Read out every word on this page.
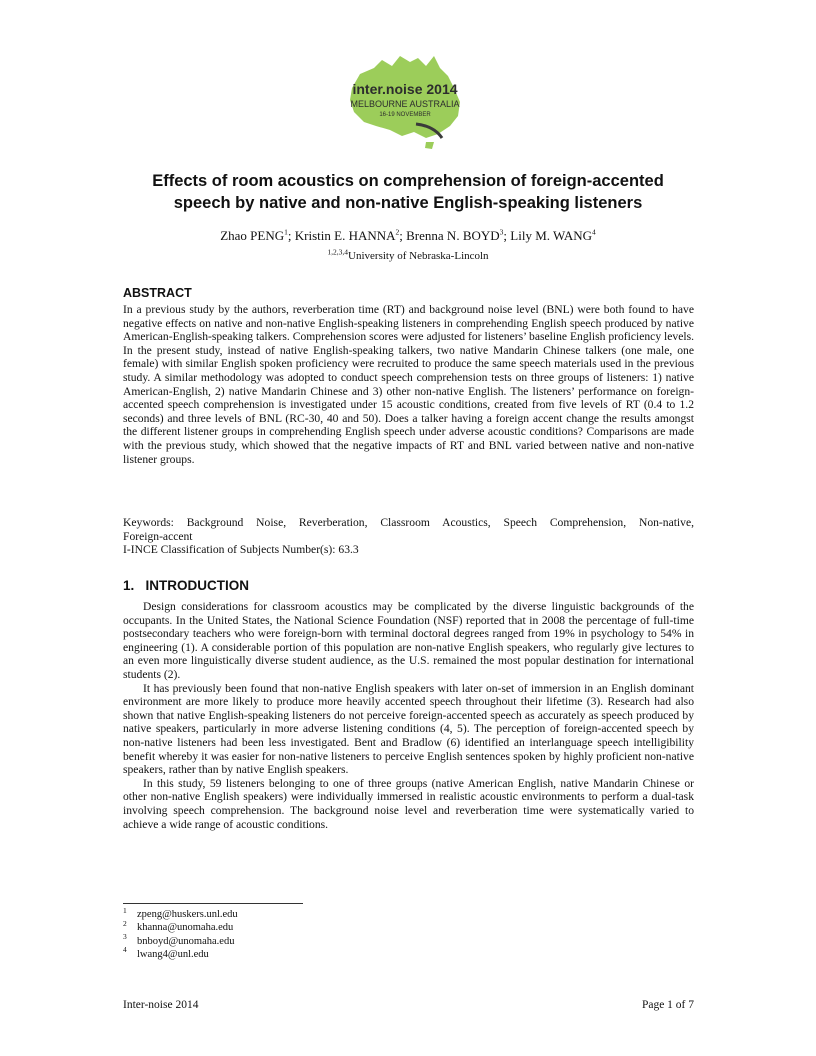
inter.noise 2014
MELBOURNE AUSTRALIA
16-19 NOVEMBER
Effects of room acoustics on comprehension of foreign-accented
speech by native and non-native English-speaking listeners
Zhao PENG$^1$; Kristin E. HANNA$^2$; Brenna N. BOYD$^3$; Lily M. WANG$^4$
$^{1,2,3,4}$University of Nebraska-Lincoln
ABSTRACT
In a previous study by the authors, reverberation time (RT) and background noise level (BNL) were both found to have negative effects on native and non-native English-speaking listeners in comprehending English speech produced by native American-English-speaking talkers. Comprehension scores were adjusted for listeners’ baseline English proficiency levels. In the present study, instead of native English-speaking talkers, two native Mandarin Chinese talkers (one male, one female) with similar English spoken proficiency were recruited to produce the same speech materials used in the previous study. A similar methodology was adopted to conduct speech comprehension tests on three groups of listeners: 1) native American-English, 2) native Mandarin Chinese and 3) other non-native English. The listeners’ performance on foreign-accented speech comprehension is investigated under 15 acoustic conditions, created from five levels of RT (0.4 to 1.2 seconds) and three levels of BNL (RC-30, 40 and 50). Does a talker having a foreign accent change the results amongst the different listener groups in comprehending English speech under adverse acoustic conditions? Comparisons are made with the previous study, which showed that the negative impacts of RT and BNL varied between native and non-native listener groups.
Keywords: Background Noise, Reverberation, Classroom Acoustics, Speech Comprehension, Non-native,
Foreign-accent
I-INCE Classification of Subjects Number(s): 63.3
1.   INTRODUCTION

Design considerations for classroom acoustics may be complicated by the diverse linguistic backgrounds of the occupants. In the United States, the National Science Foundation (NSF) reported that in 2008 the percentage of full-time postsecondary teachers who were foreign-born with terminal doctoral degrees ranged from 19% in psychology to 54% in engineering (1). A considerable portion of this population are non-native English speakers, who regularly give lectures to an even more linguistically diverse student audience, as the U.S. remained the most popular destination for international students (2).

It has previously been found that non-native English speakers with later on-set of immersion in an English dominant environment are more likely to produce more heavily accented speech throughout their lifetime (3). Research had also shown that native English-speaking listeners do not perceive foreign-accented speech as accurately as speech produced by native speakers, particularly in more adverse listening conditions (4, 5). The perception of foreign-accented speech by non-native listeners had been less investigated. Bent and Bradlow (6) identified an interlanguage speech intelligibility benefit whereby it was easier for non-native listeners to perceive English sentences spoken by highly proficient non-native speakers, rather than by native English speakers.

In this study, 59 listeners belonging to one of three groups (native American English, native Mandarin Chinese or other non-native English speakers) were individually immersed in realistic acoustic environments to perform a dual-task involving speech comprehension. The background noise level and reverberation time were systematically varied to achieve a wide range of acoustic conditions.

1 zpeng@huskers.unl.edu
2 khanna@unomaha.edu
3 bnboyd@unomaha.edu
4 lwang4@unl.edu
Inter-noise 2014	Page 1 of 7
